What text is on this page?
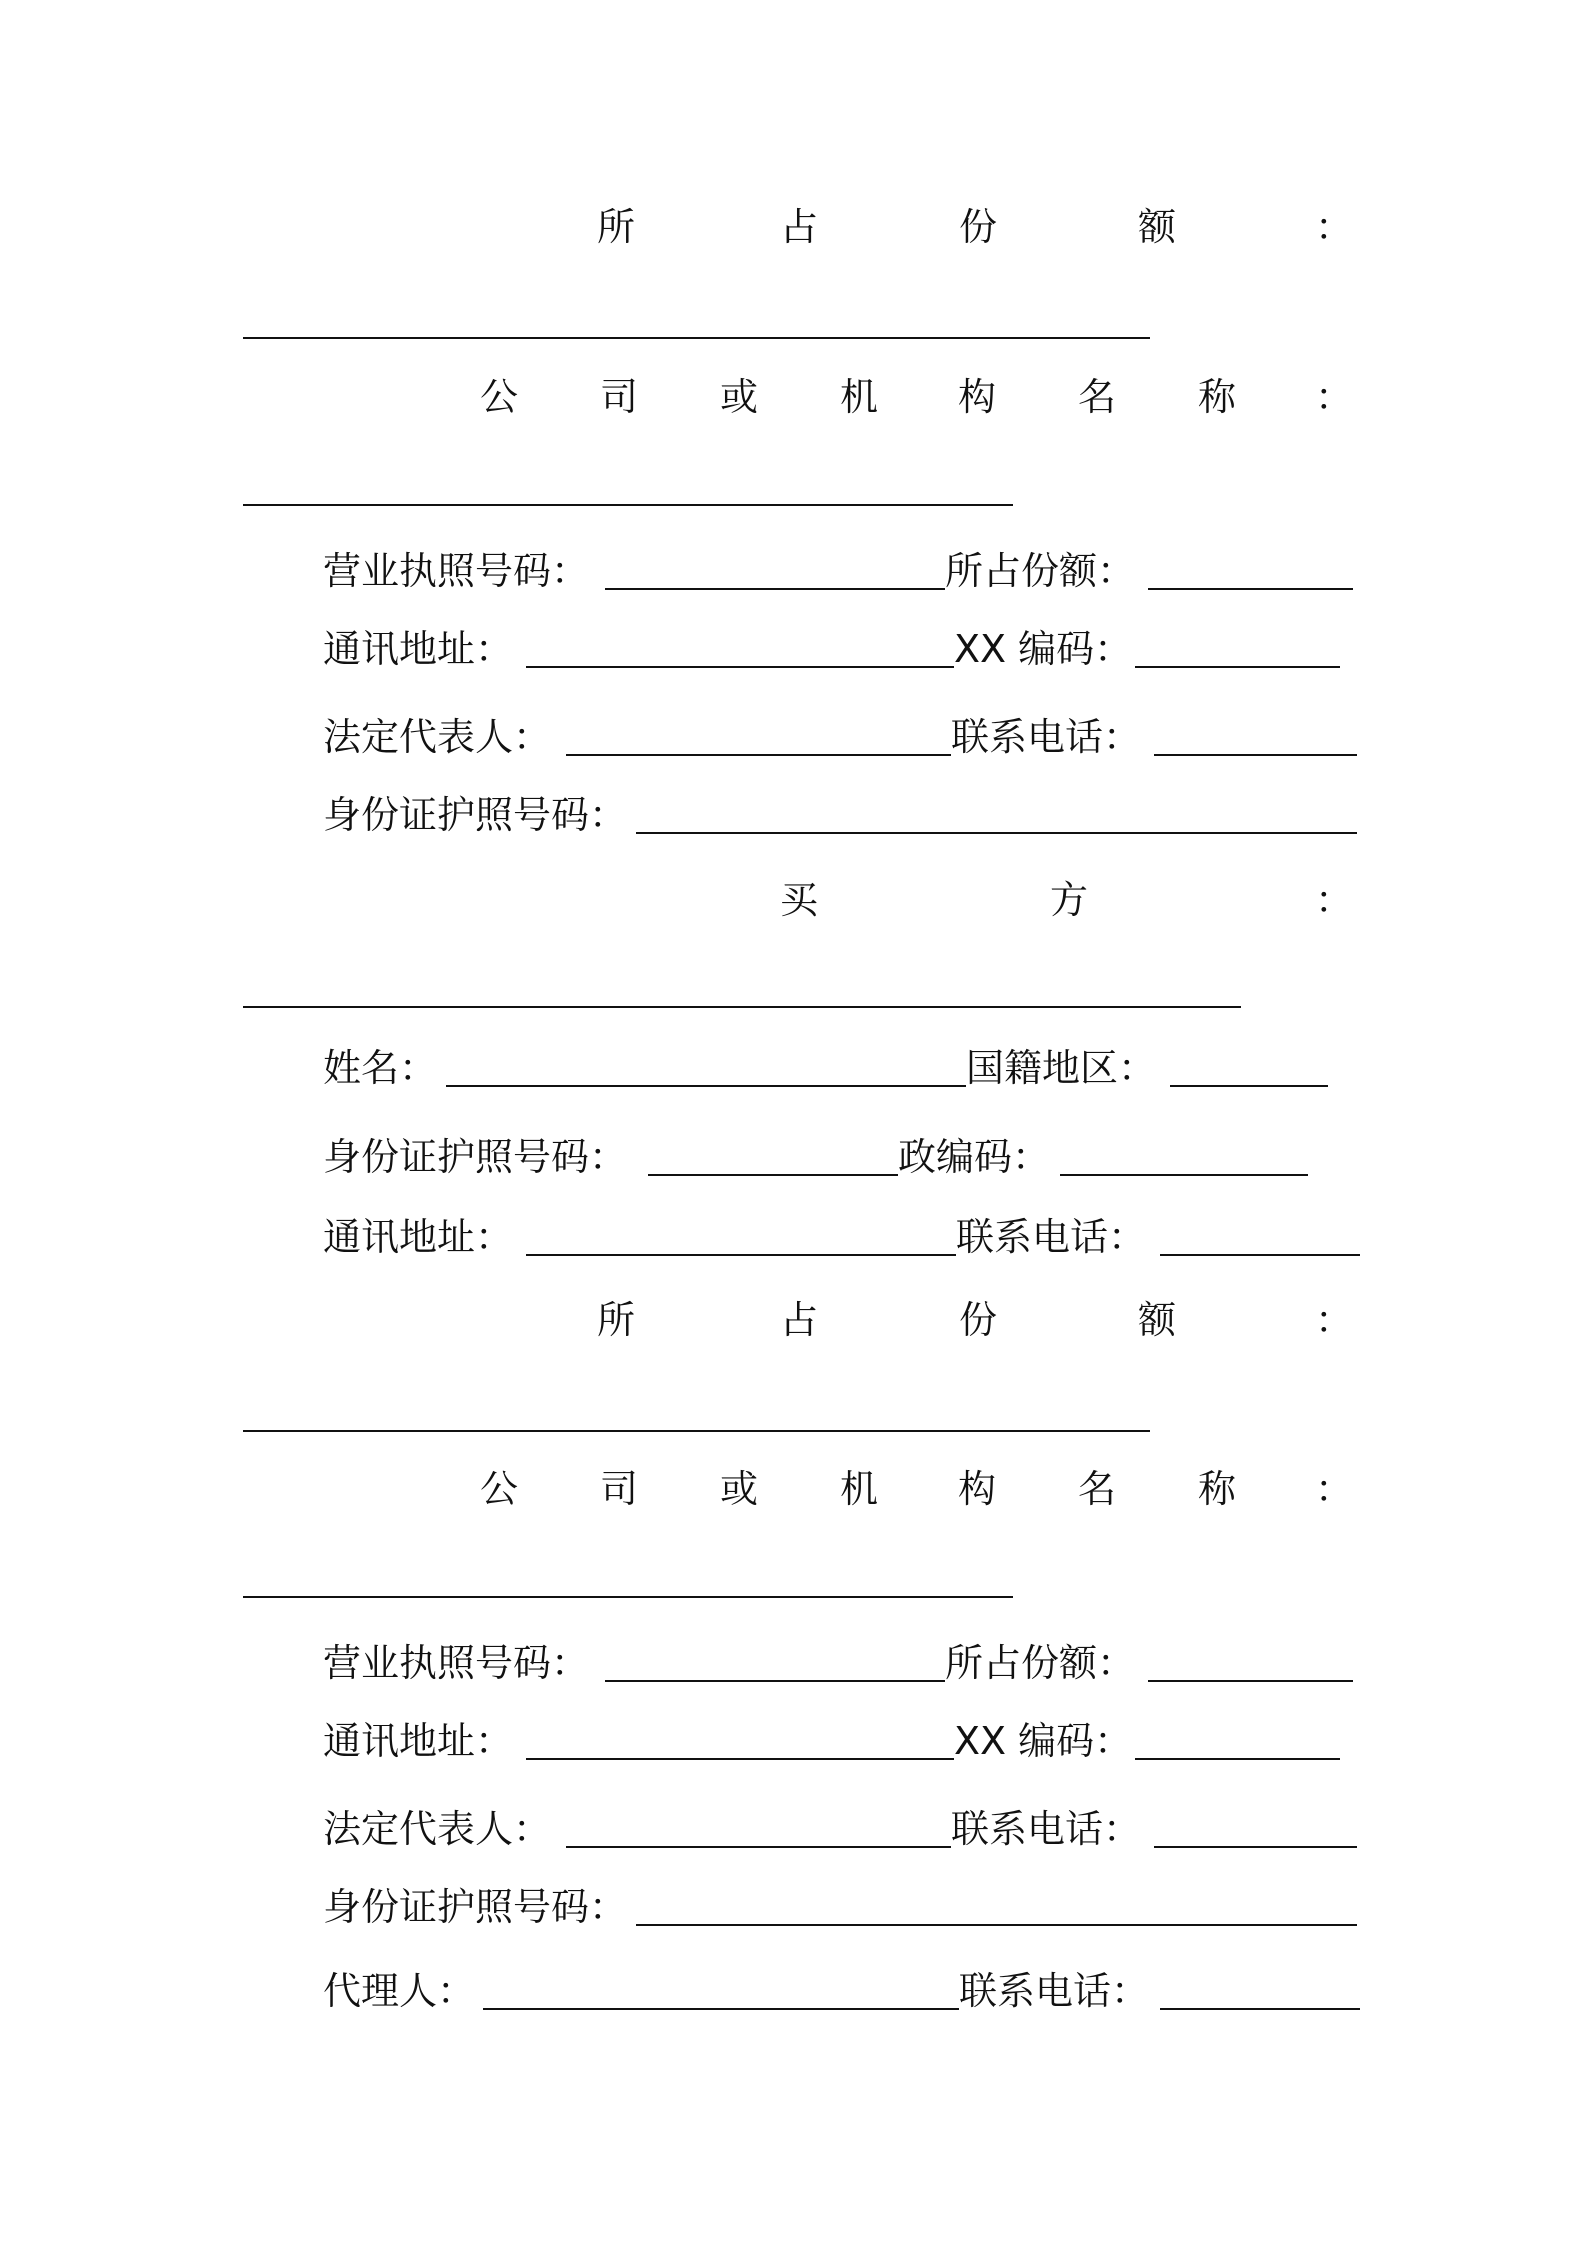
所	占	份	额	：
公 司 或 机 构 名 称 ：
营业执照号码：	所占份额：
通讯地址：	XX 编码：
法定代表人：	联系电话：
身份证护照号码：
买	方	：
姓名：	国籍地区：
身份证护照号码：	政编码：
通讯地址：	联系电话：
所	占	份	额	：
公 司 或 机 构 名 称 ：
营业执照号码：	所占份额：
通讯地址：	XX 编码：
法定代表人：	联系电话：
身份证护照号码：
代理人：	联系电话：
